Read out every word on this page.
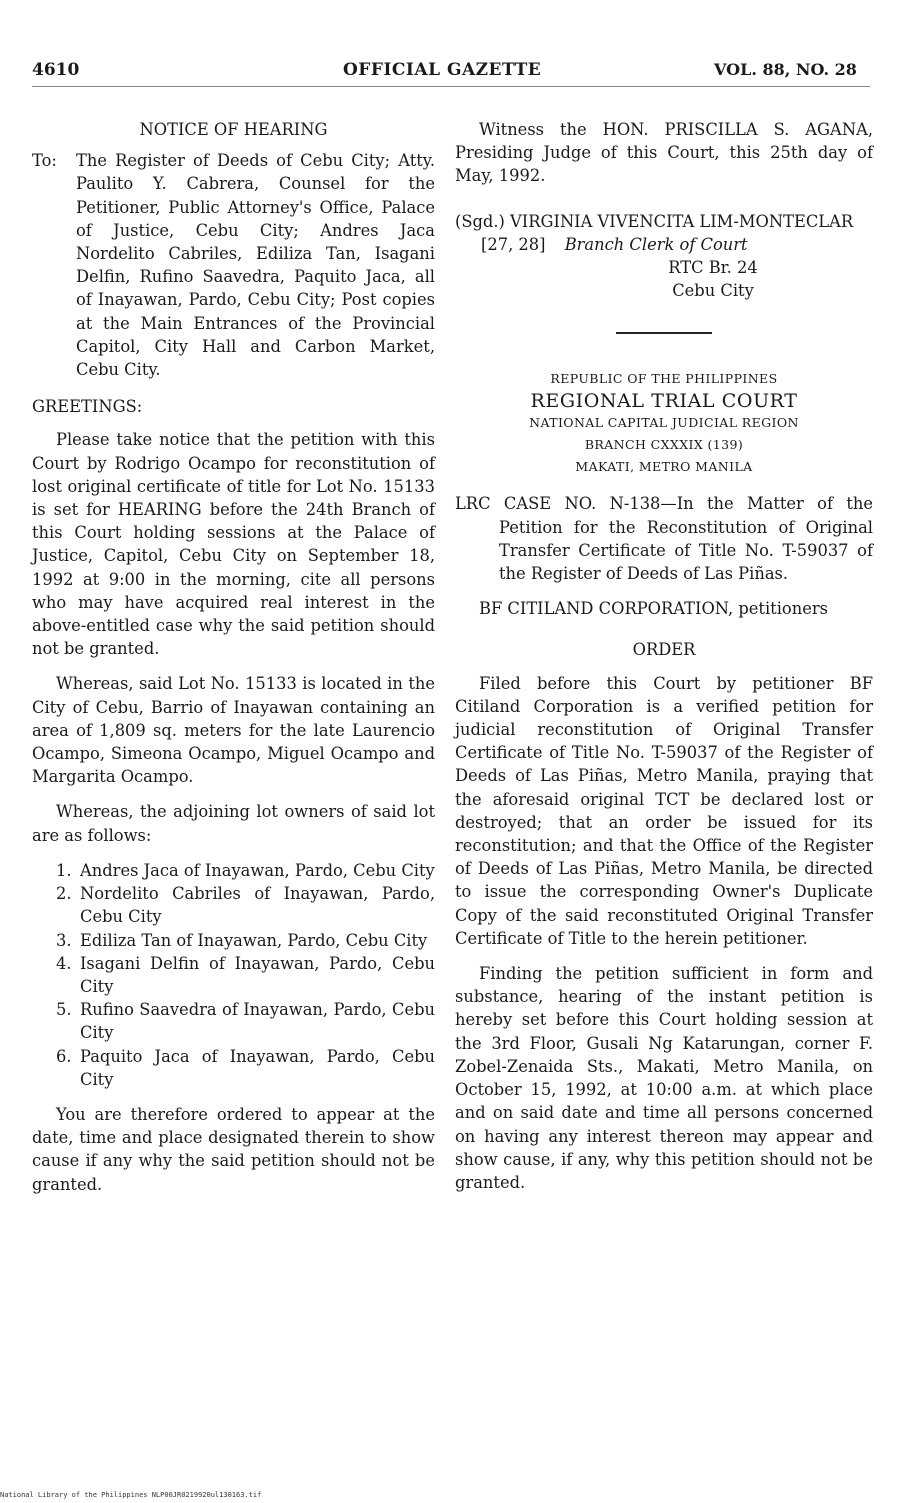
4610	OFFICIAL GAZETTE	VOL. 88, NO. 28
NOTICE OF HEARING
To:	The Register of Deeds of Cebu City; Atty. Paulito Y. Cabrera, Counsel for the Petitioner, Public Attorney's Office, Palace of Justice, Cebu City; Andres Jaca Nordelito Cabriles, Ediliza Tan, Isagani Delfin, Rufino Saavedra, Paquito Jaca, all of Inayawan, Pardo, Cebu City; Post copies at the Main Entrances of the Provincial Capitol, City Hall and Carbon Market, Cebu City.
GREETINGS:

Please take notice that the petition with this Court by Rodrigo Ocampo for reconstitution of lost original certificate of title for Lot No. 15133 is set for HEARING before the 24th Branch of this Court holding sessions at the Palace of Justice, Capitol, Cebu City on September 18, 1992 at 9:00 in the morning, cite all persons who may have acquired real interest in the above-entitled case why the said petition should not be granted.

Whereas, said Lot No. 15133 is located in the City of Cebu, Barrio of Inayawan containing an area of 1,809 sq. meters for the late Laurencio Ocampo, Simeona Ocampo, Miguel Ocampo and Margarita Ocampo.

Whereas, the adjoining lot owners of said lot are as follows:

1. Andres Jaca of Inayawan, Pardo, Cebu City
2. Nordelito Cabriles of Inayawan, Pardo, Cebu City
3. Ediliza Tan of Inayawan, Pardo, Cebu City
4. Isagani Delfin of Inayawan, Pardo, Cebu City
5. Rufino Saavedra of Inayawan, Pardo, Cebu City
6. Paquito Jaca of Inayawan, Pardo, Cebu City

You are therefore ordered to appear at the date, time and place designated therein to show cause if any why the said petition should not be granted.

Witness the HON. PRISCILLA S. AGANA, Presiding Judge of this Court, this 25th day of May, 1992.

(Sgd.) VIRGINIA VIVENCITA LIM-MONTECLAR
[27, 28] Branch Clerk of Court
RTC Br. 24
Cebu City
REPUBLIC OF THE PHILIPPINES
REGIONAL TRIAL COURT
NATIONAL CAPITAL JUDICIAL REGION
BRANCH CXXXIX (139)
MAKATI, METRO MANILA
LRC CASE NO. N-138—In the Matter of the Petition for the Reconstitution of Original Transfer Certificate of Title No. T-59037 of the Register of Deeds of Las Piñas.
BF CITILAND CORPORATION, petitioners
ORDER

Filed before this Court by petitioner BF Citiland Corporation is a verified petition for judicial reconstitution of Original Transfer Certificate of Title No. T-59037 of the Register of Deeds of Las Piñas, Metro Manila, praying that the aforesaid original TCT be declared lost or destroyed; that an order be issued for its reconstitution; and that the Office of the Register of Deeds of Las Piñas, Metro Manila, be directed to issue the corresponding Owner's Duplicate Copy of the said reconstituted Original Transfer Certificate of Title to the herein petitioner.

Finding the petition sufficient in form and substance, hearing of the instant petition is hereby set before this Court holding session at the 3rd Floor, Gusali Ng Katarungan, corner F. Zobel-Zenaida Sts., Makati, Metro Manila, on October 15, 1992, at 10:00 a.m. at which place and on said date and time all persons concerned on having any interest thereon may appear and show cause, if any, why this petition should not be granted.

National Library of the Philippines NLP00JR0219920ul130163.tif
